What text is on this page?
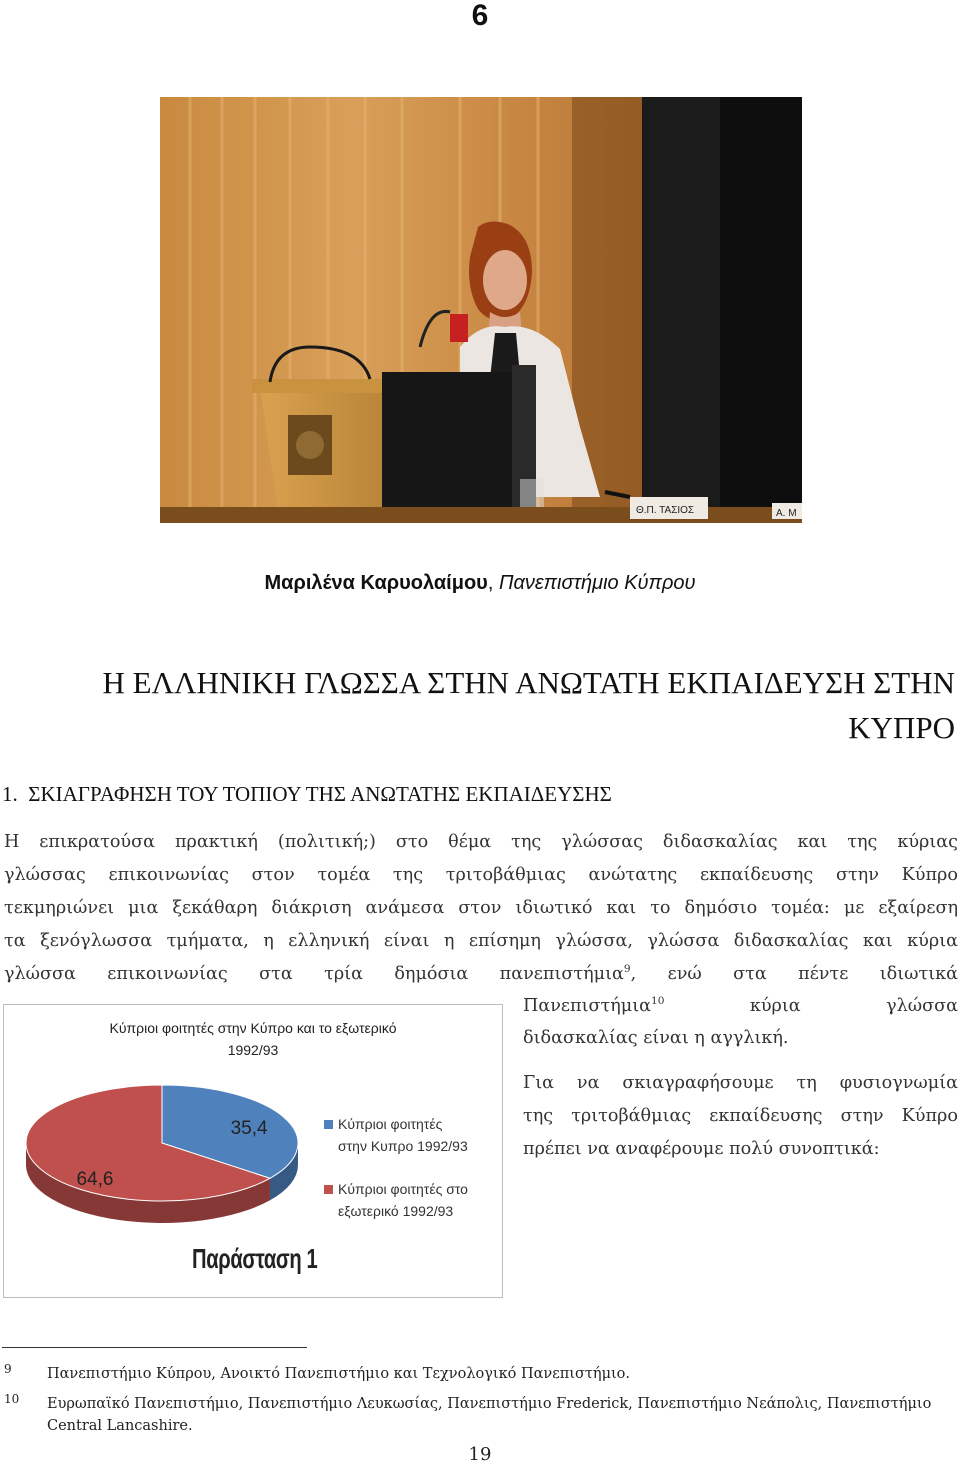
6
Θ.Π. ΤΑΣΙΟΣ	Α. Μ
Μαριλένα Καρυολαίμου, Πανεπιστήμιο Κύπρου
Η ΕΛΛΗΝΙΚΗ ΓΛΩΣΣΑ ΣΤΗΝ ΑΝΩΤΑΤΗ ΕΚΠΑΙΔΕΥΣΗ ΣΤΗΝ
ΚΥΠΡΟ
1. ΣΚΙΑΓΡΑΦΗΣΗ ΤΟΥ ΤΟΠΙΟΥ ΤΗΣ ΑΝΩΤΑΤΗΣ ΕΚΠΑΙΔΕΥΣΗΣ
Η επικρατούσα πρακτική (πολιτική;) στο θέμα της γλώσσας διδασκαλίας και της κύριας
γλώσσας επικοινωνίας στον τομέα της τριτοβάθμιας ανώτατης εκπαίδευσης στην Κύπρο
τεκμηριώνει μια ξεκάθαρη διάκριση ανάμεσα στον ιδιωτικό και το δημόσιο τομέα: με εξαίρεση
τα ξενόγλωσσα τμήματα, η ελληνική είναι η επίσημη γλώσσα, γλώσσα διδασκαλίας και κύρια
γλώσσα επικοινωνίας στα τρία δημόσια πανεπιστήμια$^9$, ενώ στα πέντε ιδιωτικά
Πανεπιστήμια$^{10}$	κύρια	γλώσσα
διδασκαλίας είναι η αγγλική.
Για να σκιαγραφήσουμε τη φυσιογνωμία
της τριτοβάθμιας εκπαίδευσης στην Κύπρο
πρέπει να αναφέρουμε πολύ συνοπτικά:
Κύπριοι φοιτητές στην Κύπρο και το εξωτερικό
1992/93
35,4
64,6
Κύπριοι φοιτητές
στην Κυπρο 1992/93
Κύπριοι φοιτητές στο
εξωτερικό 1992/93
Παράσταση 1
9 Πανεπιστήμιο Κύπρου, Ανοικτό Πανεπιστήμιο και Τεχνολογικό Πανεπιστήμιο.
10 Ευρωπαϊκό Πανεπιστήμιο, Πανεπιστήμιο Λευκωσίας, Πανεπιστήμιο Frederick, Πανεπιστήμιο Νεάπολις, Πανεπιστήμιο
Central Lancashire.
19
